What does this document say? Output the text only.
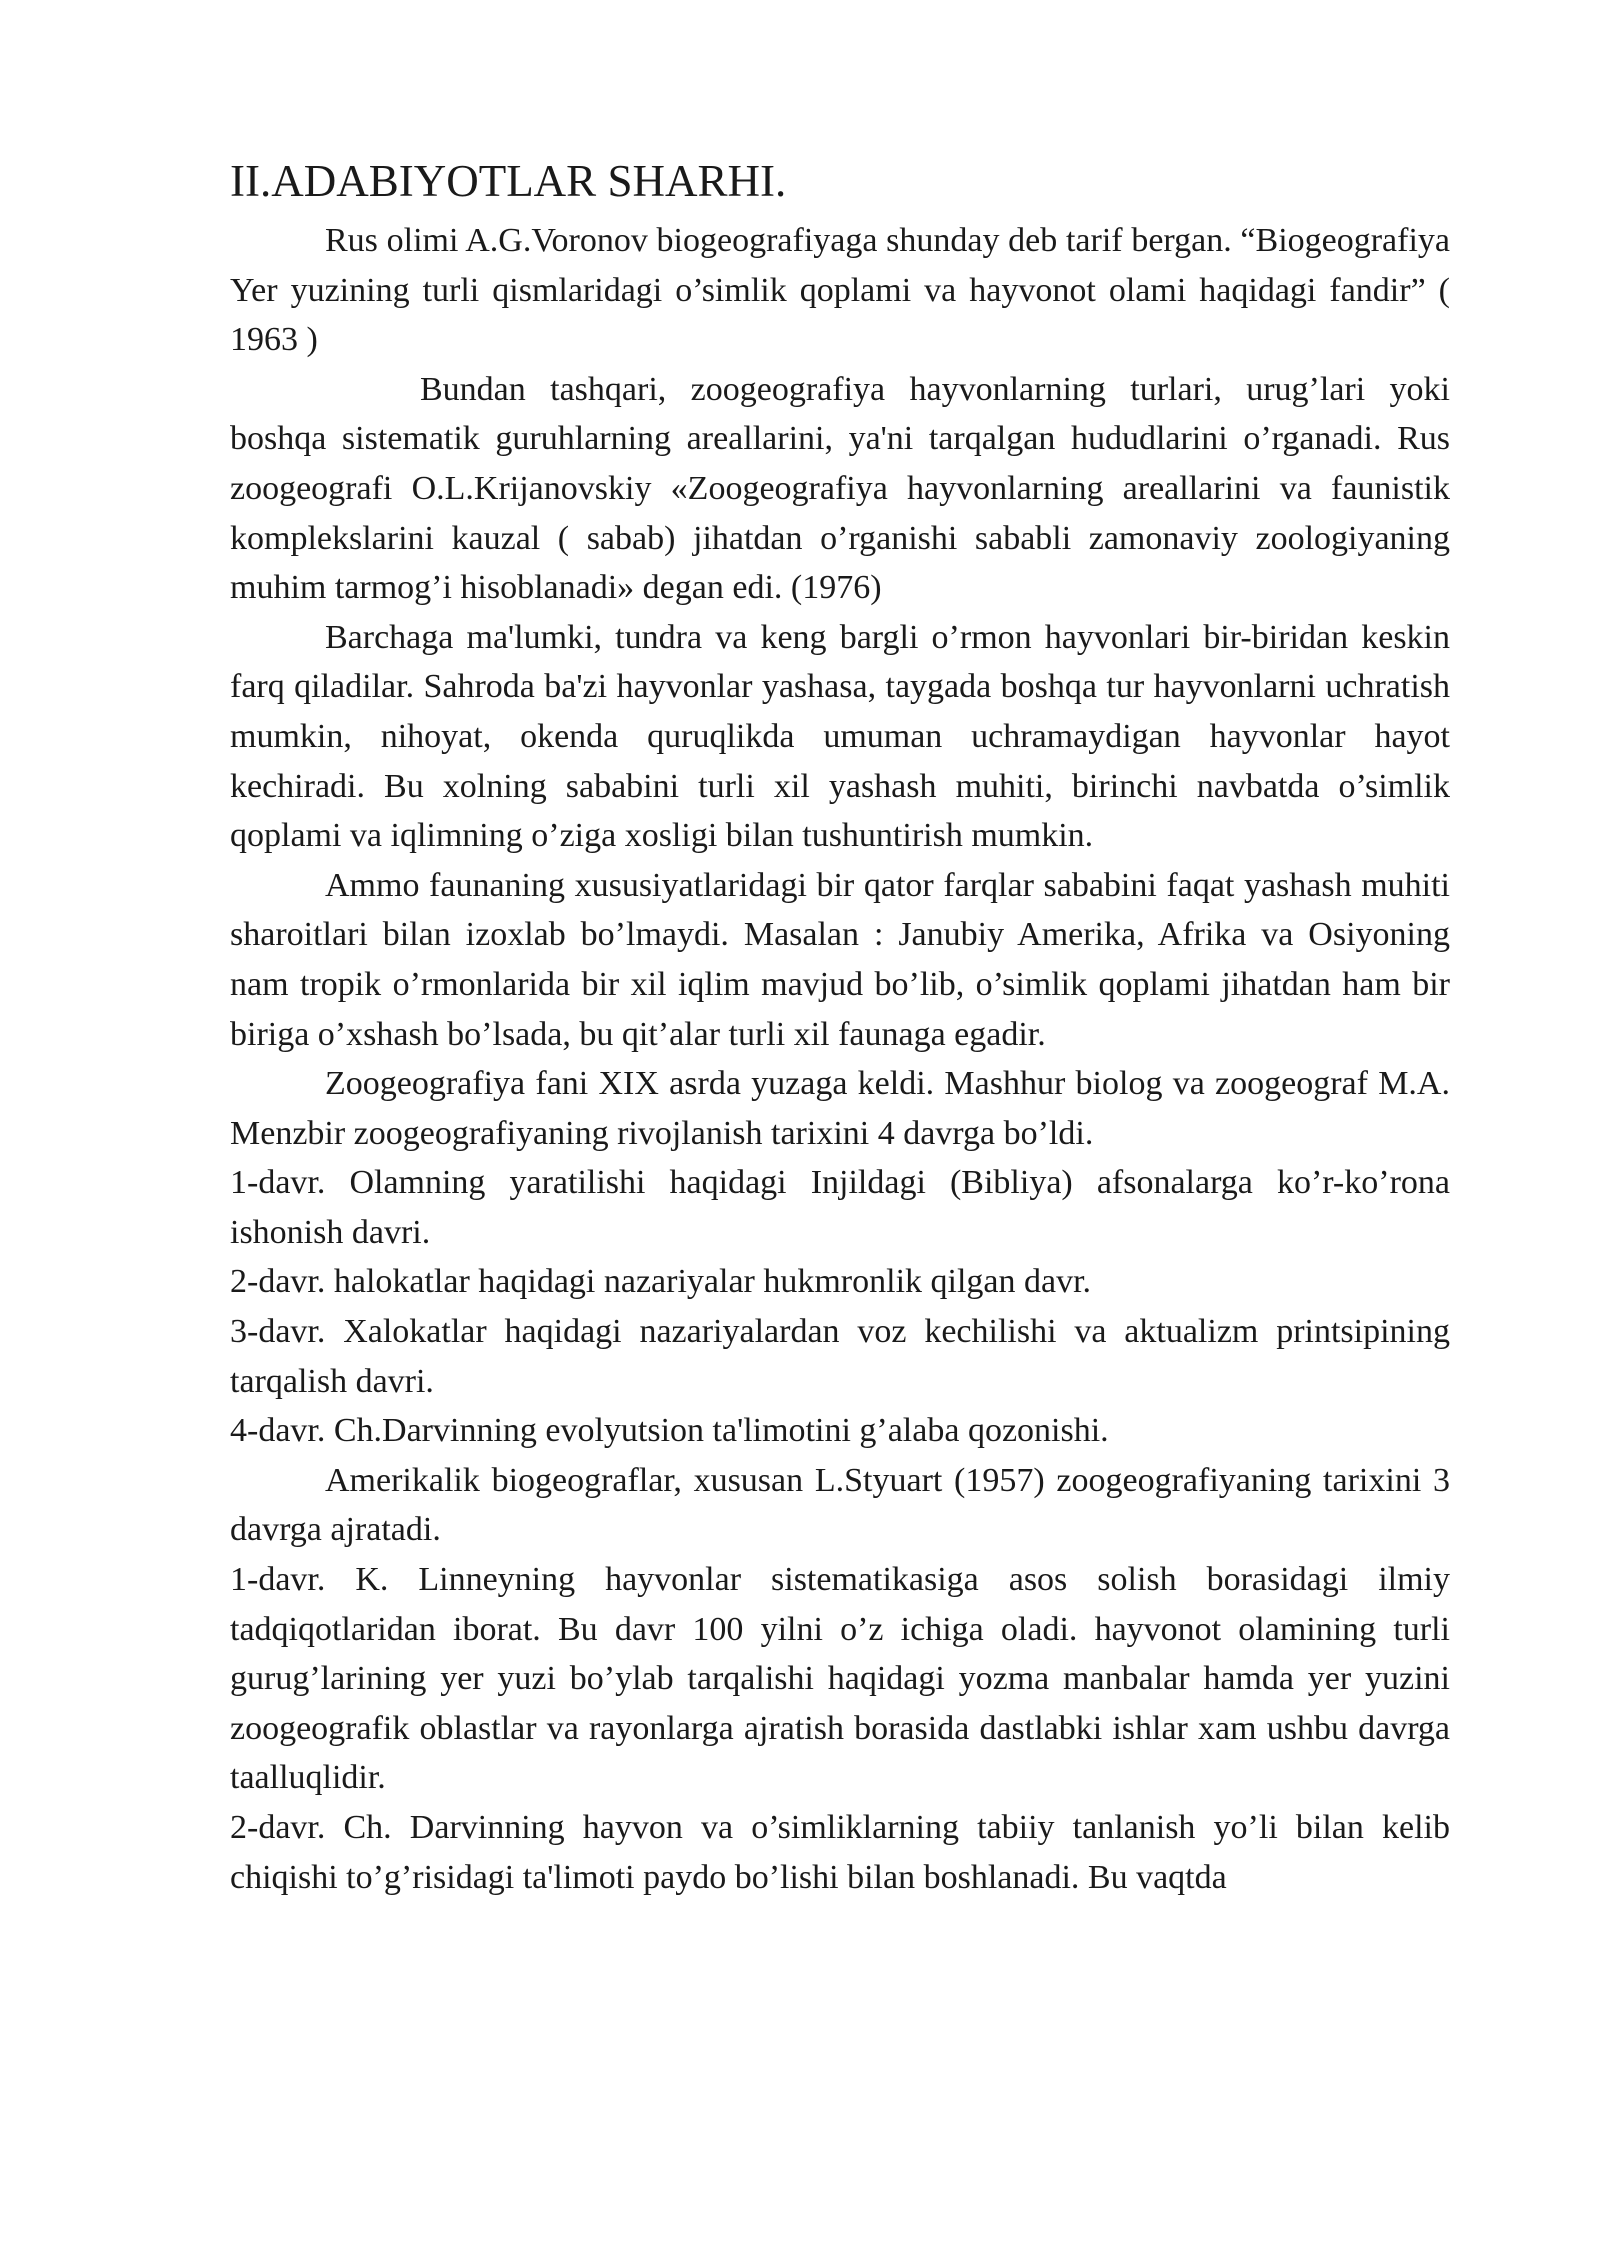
II.ADABIYOTLAR SHARHI.

Rus olimi A.G.Voronov biogeografiyaga shunday deb tarif bergan. “Biogeografiya Yer yuzining turli qismlaridagi o’simlik qoplami va hayvonot olami haqidagi fandir” ( 1963 )

Bundan tashqari, zoogeografiya hayvonlarning turlari, urug’lari yoki boshqa sistematik guruhlarning areallarini, ya'ni tarqalgan hududlarini o’rganadi. Rus zoogeografi O.L.Krijanovskiy «Zoogeografiya hayvonlarning areallarini va faunistik komplekslarini kauzal ( sabab) jihatdan o’rganishi sababli zamonaviy zoologiyaning muhim tarmog’i hisoblanadi» degan edi. (1976)

Barchaga ma'lumki, tundra va keng bargli o’rmon hayvonlari bir-biridan keskin farq qiladilar. Sahroda ba'zi hayvonlar yashasa, taygada boshqa tur hayvonlarni uchratish mumkin, nihoyat, okenda quruqlikda umuman uchramaydigan hayvonlar hayot kechiradi. Bu xolning sababini turli xil yashash muhiti, birinchi navbatda o’simlik qoplami va iqlimning o’ziga xosligi bilan tushuntirish mumkin.

Ammo faunaning xususiyatlaridagi bir qator farqlar sababini faqat yashash muhiti sharoitlari bilan izoxlab bo’lmaydi. Masalan : Janubiy Amerika, Afrika va Osiyoning nam tropik o’rmonlarida bir xil iqlim mavjud bo’lib, o’simlik qoplami jihatdan ham bir biriga o’xshash bo’lsada, bu qit’alar turli xil faunaga egadir.

Zoogeografiya fani XIX asrda yuzaga keldi. Mashhur biolog va zoogeograf M.A. Menzbir zoogeografiyaning rivojlanish tarixini 4 davrga bo’ldi.

1-davr. Olamning yaratilishi haqidagi Injildagi (Bibliya) afsonalarga ko’r-ko’rona ishonish davri.

2-davr. halokatlar haqidagi nazariyalar hukmronlik qilgan davr.

3-davr. Xalokatlar haqidagi nazariyalardan voz kechilishi va aktualizm printsipining tarqalish davri.

4-davr. Ch.Darvinning evolyutsion ta'limotini g’alaba qozonishi.

Amerikalik biogeograflar, xususan L.Styuart (1957) zoogeografiyaning tarixini 3 davrga ajratadi.

1-davr. K. Linneyning hayvonlar sistematikasiga asos solish borasidagi ilmiy tadqiqotlaridan iborat. Bu davr 100 yilni o’z ichiga oladi. hayvonot olamining turli gurug’larining yer yuzi bo’ylab tarqalishi haqidagi yozma manbalar hamda yer yuzini zoogeografik oblastlar va rayonlarga ajratish borasida dastlabki ishlar xam ushbu davrga taalluqlidir.

2-davr. Ch. Darvinning hayvon va o’simliklarning tabiiy tanlanish yo’li bilan kelib chiqishi to’g’risidagi ta'limoti paydo bo’lishi bilan boshlanadi. Bu vaqtda
